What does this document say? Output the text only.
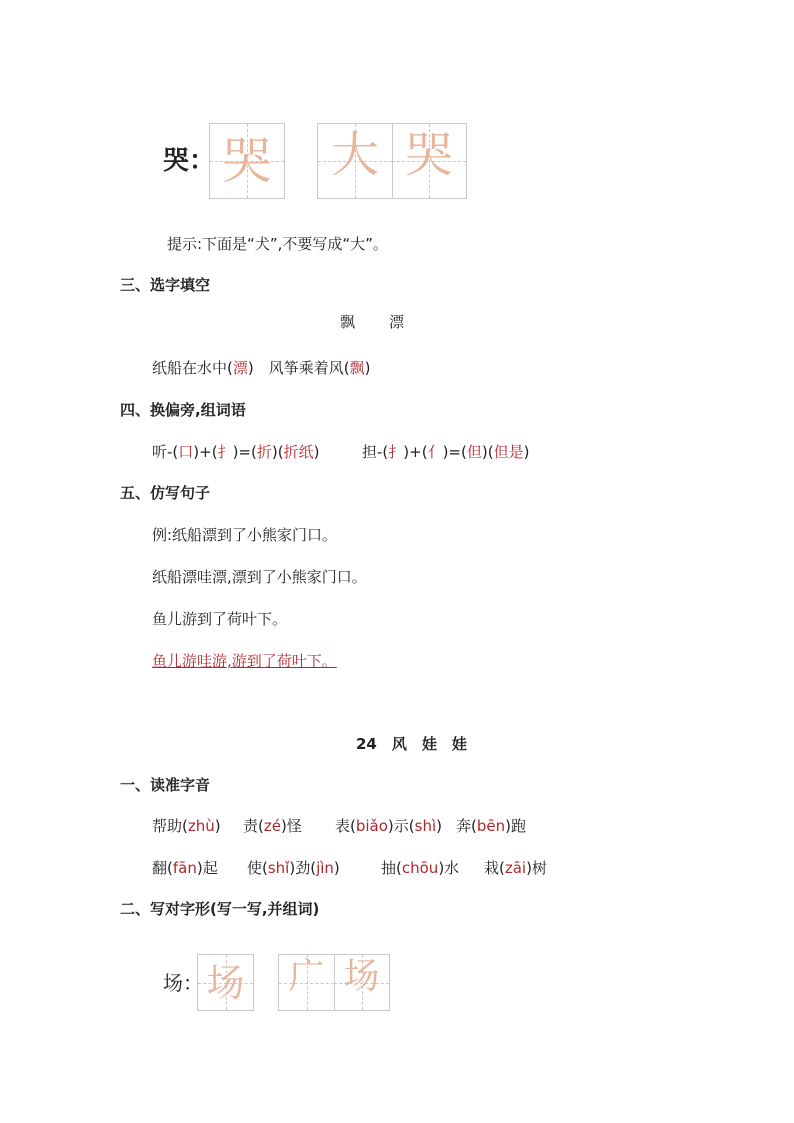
哭： 哭 大 哭
提示:下面是“犬”,不要写成“大”。
三、选字填空
飘 漂
纸船在水中(漂)　风筝乘着风(飘)
四、换偏旁,组词语
听-(口)+(扌)=(折)(折纸)	担-(扌)+(亻)=(但)(但是)
五、仿写句子
例:纸船漂到了小熊家门口。
纸船漂哇漂,漂到了小熊家门口。
鱼儿游到了荷叶下。
鱼儿游哇游,游到了荷叶下。
24　风　娃　娃
一、读准字音
帮助(zhù) 责(zé)怪 表(biǎo)示(shì) 奔(bēn)跑
翻(fān)起 使(shǐ)劲(jìn)	抽(chōu)水 栽(zāi)树
二、写对字形(写一写,并组词)
场： 场 广 场
